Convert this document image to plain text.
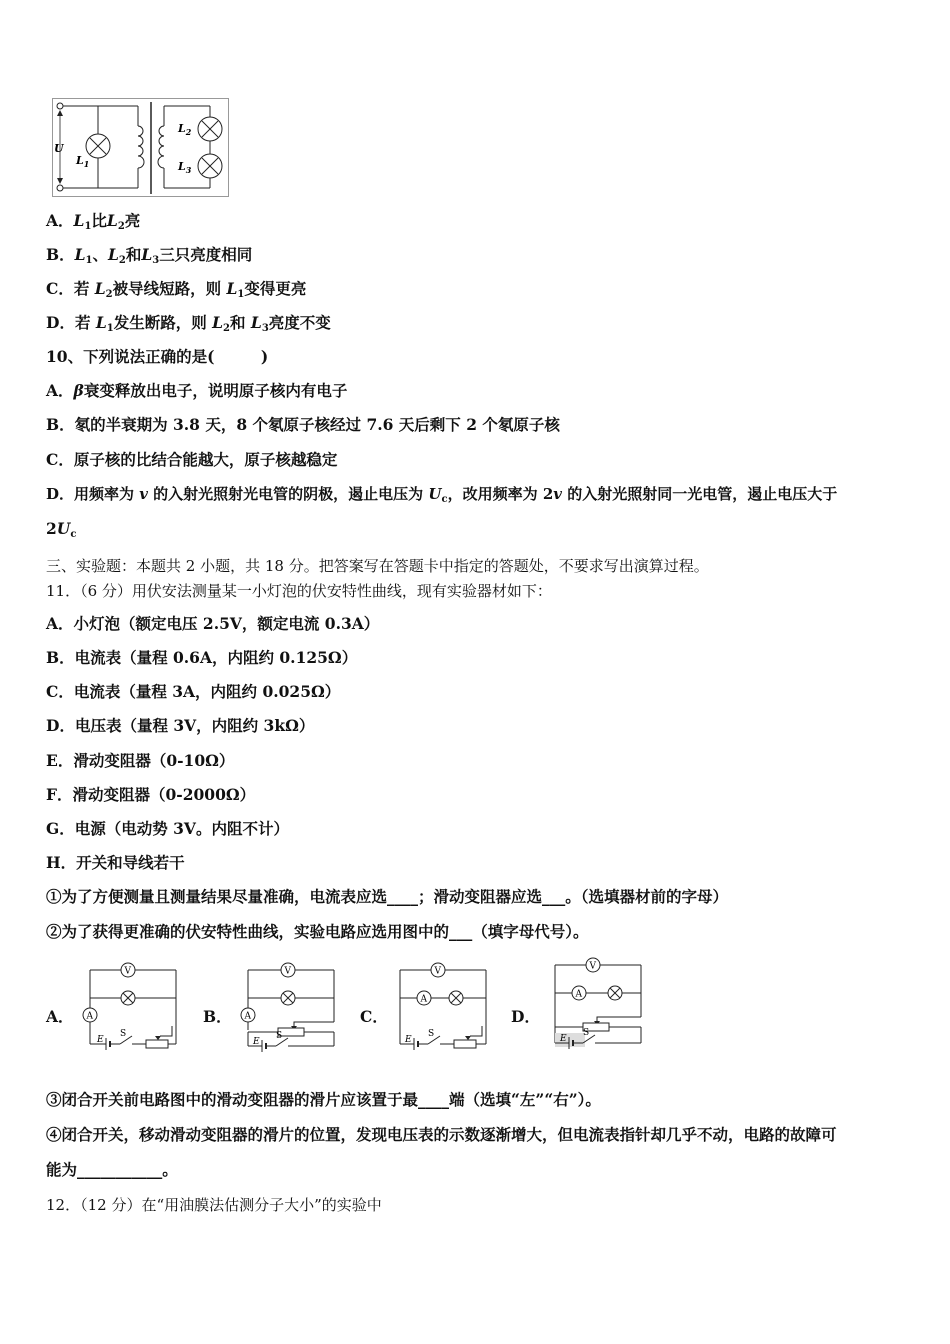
U
$L_1$
$L_2$
$L_3$
A．$L_1$比$L_2$亮
B．$L_1$、$L_2$和$L_3$三只亮度相同
C．若 $L_2$被导线短路，则 $L_1$变得更亮
D．若 $L_1$发生断路，则 $L_2$和 $L_3$亮度不变
10、下列说法正确的是(　　　)
A．β衰变释放出电子，说明原子核内有电子
B．氡的半衰期为 3.8 天，8 个氡原子核经过 7.6 天后剩下 2 个氡原子核
C．原子核的比结合能越大，原子核越稳定
D．用频率为 v 的入射光照射光电管的阴极，遏止电压为 $U_c$，改用频率为 2v 的入射光照射同一光电管，遏止电压大于
$2U_c$
三、实验题：本题共 2 小题，共 18 分。把答案写在答题卡中指定的答题处，不要求写出演算过程。
11．（6 分）用伏安法测量某一小灯泡的伏安特性曲线，现有实验器材如下：
A．小灯泡（额定电压 2.5V，额定电流 0.3A）
B．电流表（量程 0.6A，内阻约 0.125Ω）
C．电流表（量程 3A，内阻约 0.025Ω）
D．电压表（量程 3V，内阻约 3kΩ）
E．滑动变阻器（0-10Ω）
F．滑动变阻器（0-2000Ω）
G．电源（电动势 3V。内阻不计）
H．开关和导线若干
①为了方便测量且测量结果尽量准确，电流表应选____；滑动变阻器应选___。（选填器材前的字母）
②为了获得更准确的伏安特性曲线，实验电路应选用图中的___（填字母代号）。
A．	B．	C．	D．
V
A
E
S
V
A
E
S
V
A
E
S
V
A
E
S
③闭合开关前电路图中的滑动变阻器的滑片应该置于最____端（选填“左”“右”）。
④闭合开关，移动滑动变阻器的滑片的位置，发现电压表的示数逐渐增大，但电流表指针却几乎不动，电路的故障可
能为___________。
12．（12 分）在“用油膜法估测分子大小”的实验中
